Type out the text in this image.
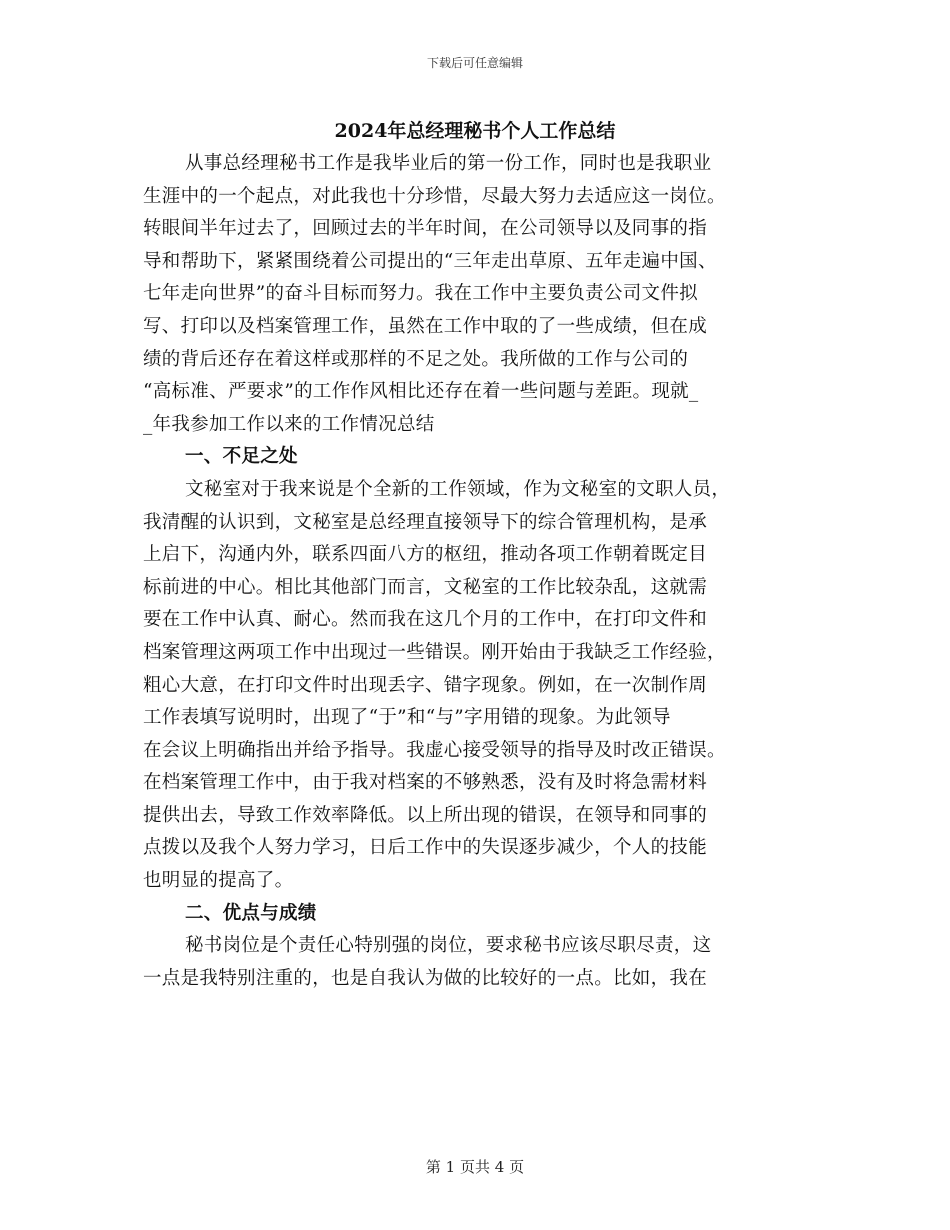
下载后可任意编辑
2024年总经理秘书个人工作总结
从事总经理秘书工作是我毕业后的第一份工作，同时也是我职业
生涯中的一个起点，对此我也十分珍惜，尽最大努力去适应这一岗位。
转眼间半年过去了，回顾过去的半年时间，在公司领导以及同事的指
导和帮助下，紧紧围绕着公司提出的“三年走出草原、五年走遍中国、
七年走向世界”的奋斗目标而努力。我在工作中主要负责公司文件拟
写、打印以及档案管理工作，虽然在工作中取的了一些成绩，但在成
绩的背后还存在着这样或那样的不足之处。我所做的工作与公司的
“高标准、严要求”的工作作风相比还存在着一些问题与差距。现就_
_年我参加工作以来的工作情况总结
一、不足之处
文秘室对于我来说是个全新的工作领域，作为文秘室的文职人员，
我清醒的认识到，文秘室是总经理直接领导下的综合管理机构，是承
上启下，沟通内外，联系四面八方的枢纽，推动各项工作朝着既定目
标前进的中心。相比其他部门而言，文秘室的工作比较杂乱，这就需
要在工作中认真、耐心。然而我在这几个月的工作中，在打印文件和
档案管理这两项工作中出现过一些错误。刚开始由于我缺乏工作经验，
粗心大意，在打印文件时出现丢字、错字现象。例如，在一次制作周
工作表填写说明时，出现了“于”和“与”字用错的现象。为此领导
在会议上明确指出并给予指导。我虚心接受领导的指导及时改正错误。
在档案管理工作中，由于我对档案的不够熟悉，没有及时将急需材料
提供出去，导致工作效率降低。以上所出现的错误，在领导和同事的
点拨以及我个人努力学习，日后工作中的失误逐步减少，个人的技能
也明显的提高了。
二、优点与成绩
秘书岗位是个责任心特别强的岗位，要求秘书应该尽职尽责，这
一点是我特别注重的，也是自我认为做的比较好的一点。比如，我在
第 1 页共 4 页
